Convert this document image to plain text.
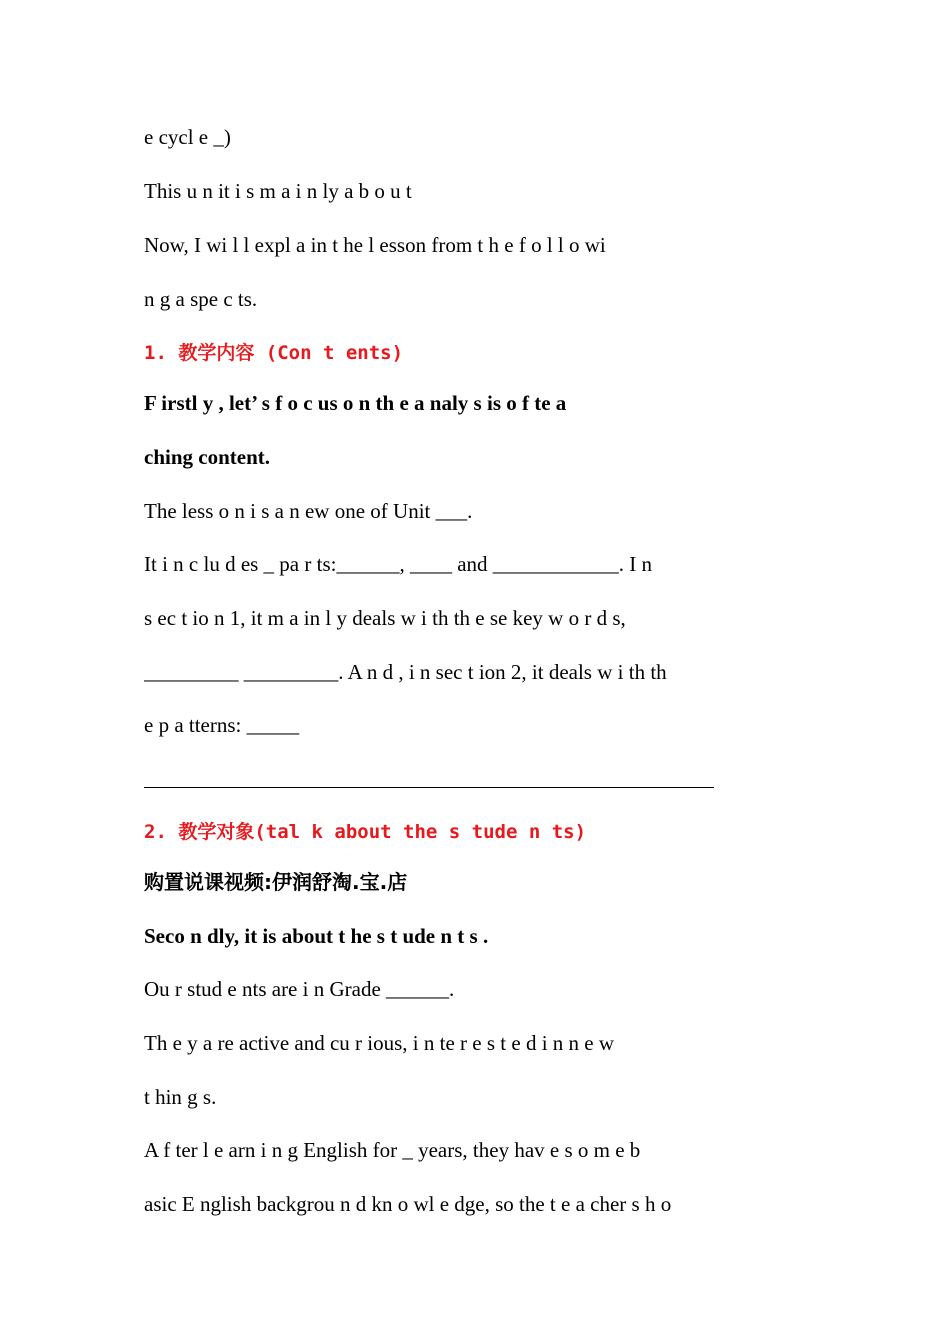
e cycl e _)
This u n it i s m a i n ly a b o u t
Now, I wi l l expl a in t he l esson from t h e f o l l o wi
n g a spe c ts.
1. 教学内容 (Con t ents)
F irstl y , let’ s f o c us o n th e a naly s is o f te a
ching content.
The less o n i s a n ew one of Unit ___.
It i n c lu d es _ pa r ts:______, ____ and ____________. I n
s ec t io n 1, it m a in l y deals w i th th e se key w o r d s,
_________ _________. A n d , i n sec t ion 2, it deals w i th th
e p a tterns: _____
2. 教学对象(tal k about the s tude n ts)
购置说课视频:伊润舒淘.宝.店
Seco n dly, it is about t he s t ude n t s .
Ou r stud e nts are i n Grade ______.
Th e y a re active and cu r ious, i n te r e s t e d i n n e w
t hin g s.
A f ter l e arn i n g English for _ years, they hav e s o m e b
asic E nglish backgrou n d kn o wl e dge, so the t e a cher s h o
